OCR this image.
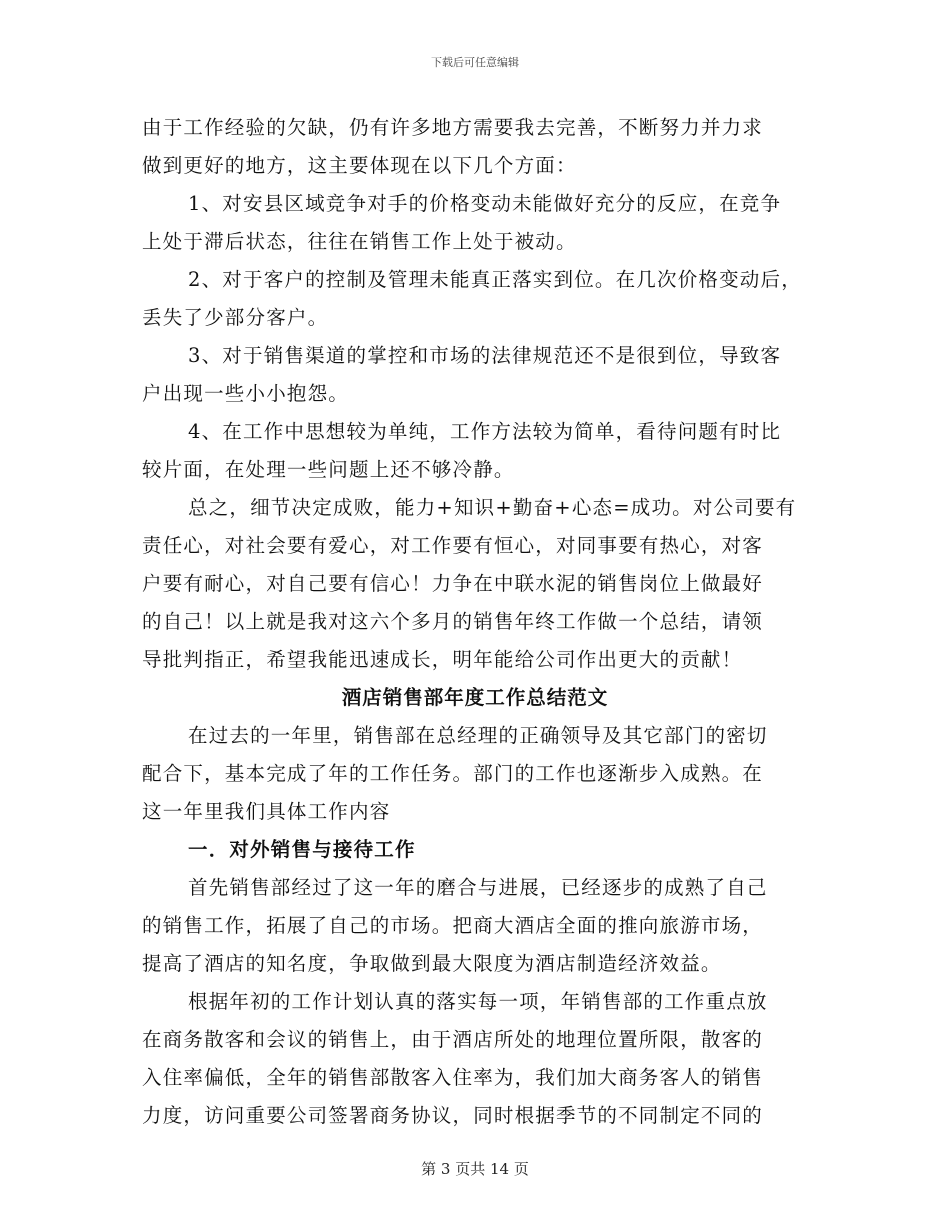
下载后可任意编辑
由于工作经验的欠缺，仍有许多地方需要我去完善，不断努力并力求
做到更好的地方，这主要体现在以下几个方面：
1、对安县区域竞争对手的价格变动未能做好充分的反应，在竞争
上处于滞后状态，往往在销售工作上处于被动。
2、对于客户的控制及管理未能真正落实到位。在几次价格变动后，
丢失了少部分客户。
3、对于销售渠道的掌控和市场的法律规范还不是很到位，导致客
户出现一些小小抱怨。
4、在工作中思想较为单纯，工作方法较为简单，看待问题有时比
较片面，在处理一些问题上还不够冷静。
总之，细节决定成败，能力+知识+勤奋+心态=成功。对公司要有
责任心，对社会要有爱心，对工作要有恒心，对同事要有热心，对客
户要有耐心，对自己要有信心！力争在中联水泥的销售岗位上做最好
的自己！以上就是我对这六个多月的销售年终工作做一个总结，请领
导批判指正，希望我能迅速成长，明年能给公司作出更大的贡献！
酒店销售部年度工作总结范文
在过去的一年里，销售部在总经理的正确领导及其它部门的密切
配合下，基本完成了年的工作任务。部门的工作也逐渐步入成熟。在
这一年里我们具体工作内容
一．对外销售与接待工作
首先销售部经过了这一年的磨合与进展，已经逐步的成熟了自己
的销售工作，拓展了自己的市场。把商大酒店全面的推向旅游市场，
提高了酒店的知名度，争取做到最大限度为酒店制造经济效益。
根据年初的工作计划认真的落实每一项，年销售部的工作重点放
在商务散客和会议的销售上，由于酒店所处的地理位置所限，散客的
入住率偏低，全年的销售部散客入住率为，我们加大商务客人的销售
力度，访问重要公司签署商务协议，同时根据季节的不同制定不同的
第 3 页共 14 页
